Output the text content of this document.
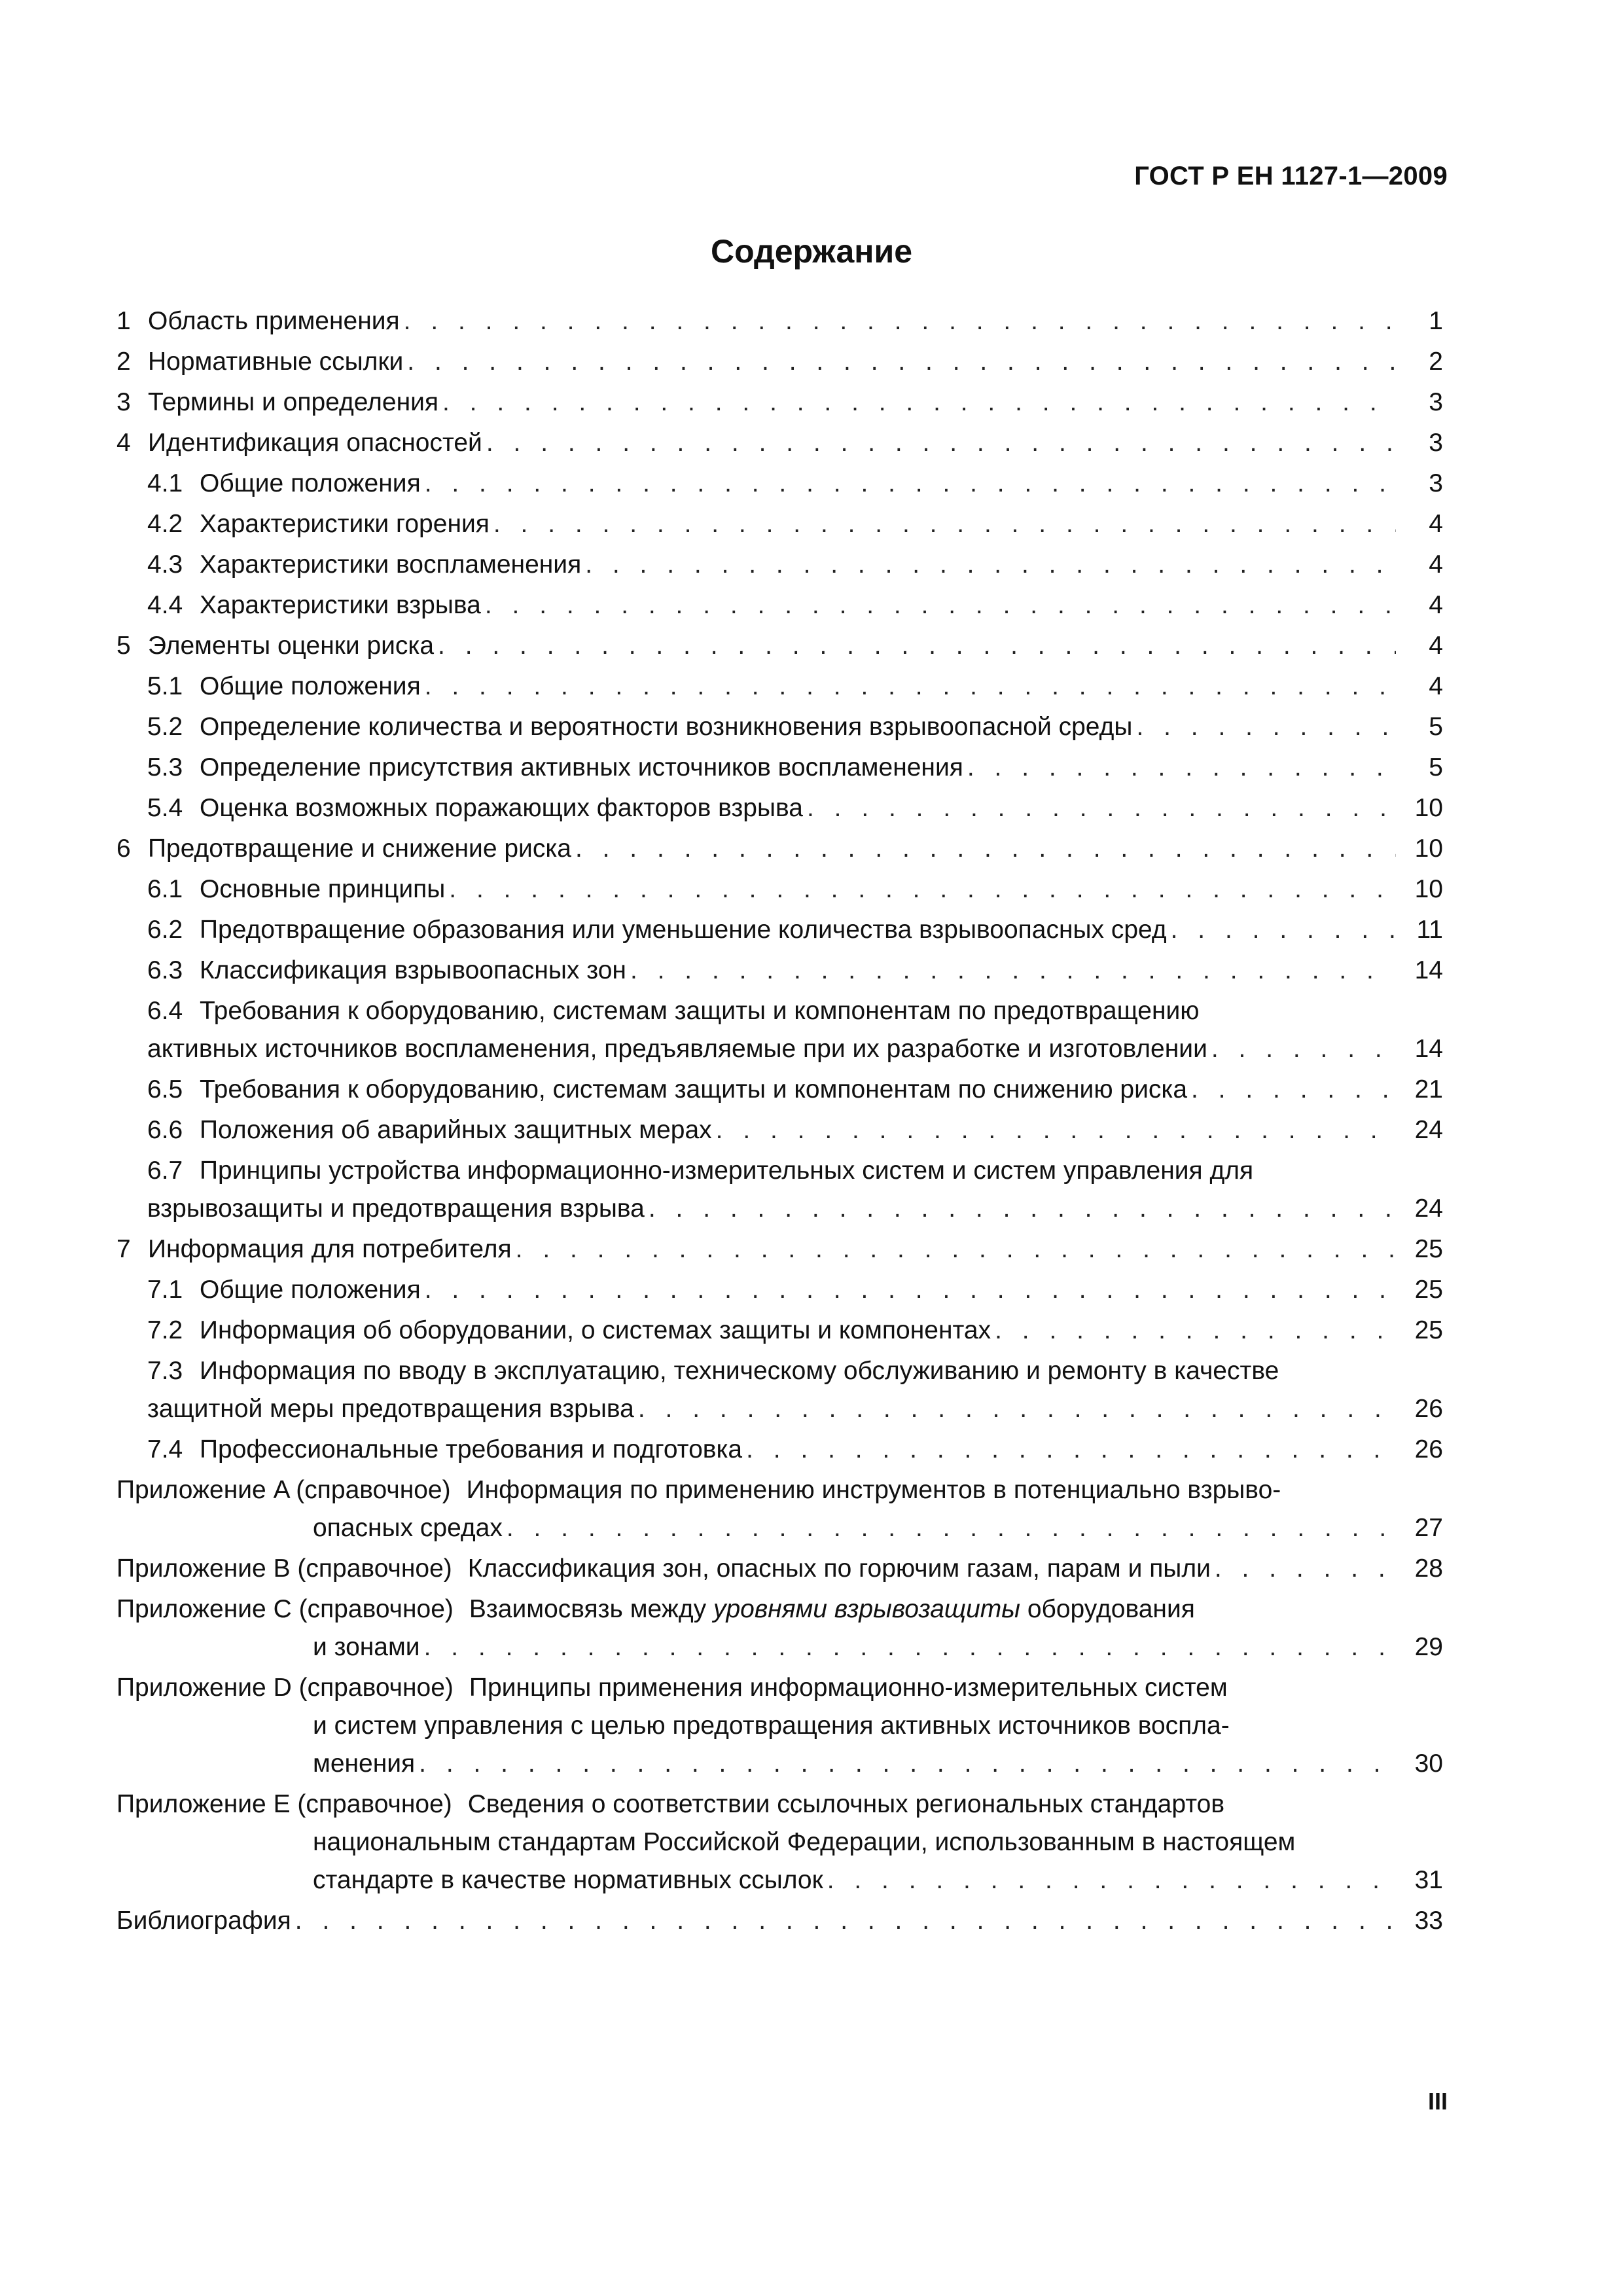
ГОСТ Р ЕН 1127-1—2009
Содержание
1 Область применения . . .	1
2 Нормативные ссылки . . .	2
3 Термины и определения . . .	3
4 Идентификация опасностей . . .	3
4.1 Общие положения . . .	3
4.2 Характеристики горения . . .	4
4.3 Характеристики воспламенения . . .	4
4.4 Характеристики взрыва . . .	4
5 Элементы оценки риска . . .	4
5.1 Общие положения . . .	4
5.2 Определение количества и вероятности возникновения взрывоопасной среды . . .	5
5.3 Определение присутствия активных источников воспламенения . . .	5
5.4 Оценка возможных поражающих факторов взрыва . . .	10
6 Предотвращение и снижение риска . . .	10
6.1 Основные принципы . . .	10
6.2 Предотвращение образования или уменьшение количества взрывоопасных сред . . .	11
6.3 Классификация взрывоопасных зон . . .	14
6.4 Требования к оборудованию, системам защиты и компонентам по предотвращению
активных источников воспламенения, предъявляемые при их разработке и изготовлении . . .	14
6.5 Требования к оборудованию, системам защиты и компонентам по снижению риска . . .	21
6.6 Положения об аварийных защитных мерах . . .	24
6.7 Принципы устройства информационно-измерительных систем и систем управления для
взрывозащиты и предотвращения взрыва . . .	24
7 Информация для потребителя . . .	25
7.1 Общие положения . . .	25
7.2 Информация об оборудовании, о системах защиты и компонентах . . .	25
7.3 Информация по вводу в эксплуатацию, техническому обслуживанию и ремонту в качестве
защитной меры предотвращения взрыва . . .	26
7.4 Профессиональные требования и подготовка . . .	26
Приложение A (справочное) Информация по применению инструментов в потенциально взрыво-
опасных средах . . .	27
Приложение B (справочное) Классификация зон, опасных по горючим газам, парам и пыли . . .	28
Приложение C (справочное) Взаимосвязь между уровнями взрывозащиты оборудования
и зонами . . .	29
Приложение D (справочное) Принципы применения информационно-измерительных систем
и систем управления с целью предотвращения активных источников воспла-
менения . . .	30
Приложение E (справочное) Сведения о соответствии ссылочных региональных стандартов
национальным стандартам Российской Федерации, использованным в настоящем
стандарте в качестве нормативных ссылок . . .	31
Библиография . . .	33
III
